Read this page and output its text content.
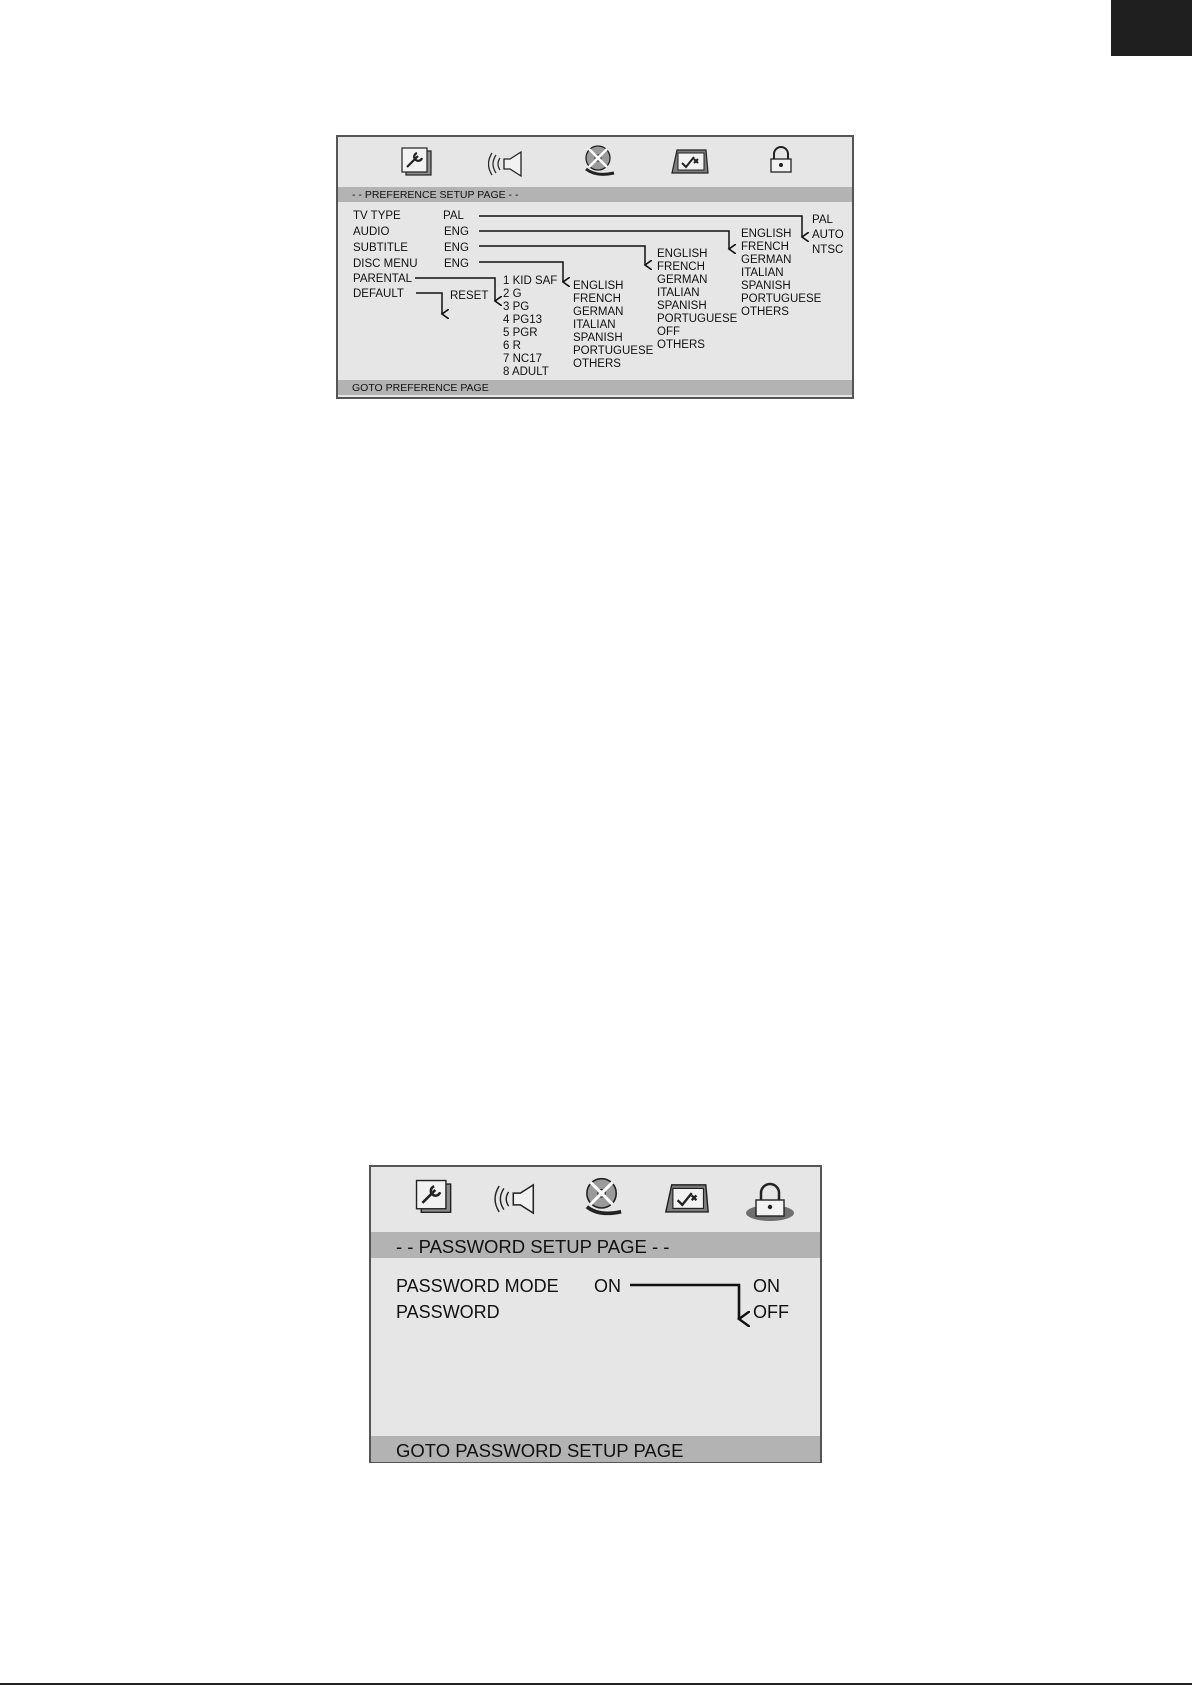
- - PREFERENCE SETUP PAGE - -
TV TYPE
AUDIO
SUBTITLE
DISC MENU
PARENTAL
DEFAULT
PAL
ENG
ENG
ENG
RESET
PAL
AUTO
NTSC
ENGLISH
FRENCH
GERMAN
ITALIAN
SPANISH
PORTUGUESE
OTHERS
ENGLISH
FRENCH
GERMAN
ITALIAN
SPANISH
PORTUGUESE
OFF
OTHERS
ENGLISH
FRENCH
GERMAN
ITALIAN
SPANISH
PORTUGUESE
OTHERS
1 KID SAF
2 G
3 PG
4 PG13
5 PGR
6 R
7 NC17
8 ADULT
GOTO PREFERENCE PAGE
- - PASSWORD SETUP PAGE - -
PASSWORD MODE
PASSWORD
ON	ON
OFF
GOTO PASSWORD SETUP PAGE
